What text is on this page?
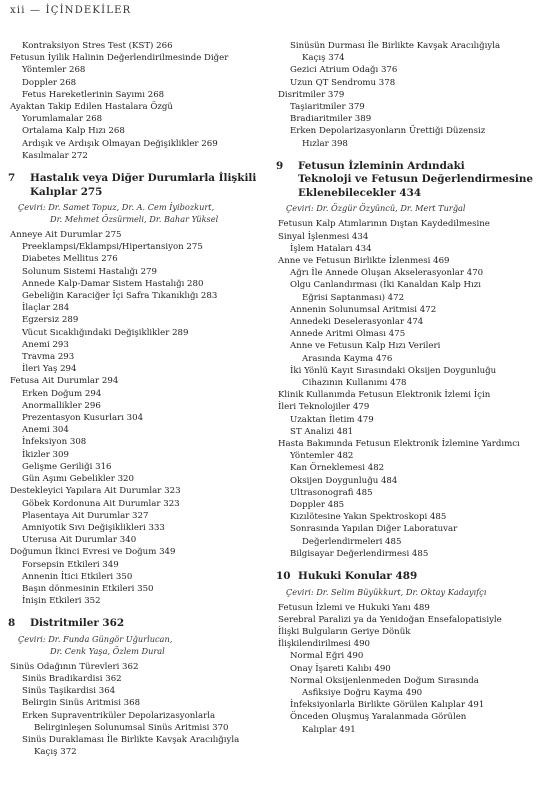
xii — İÇİNDEKİLER
Kontraksiyon Stres Test (KST) 266
Fetusun İyilik Halinin Değerlendirilmesinde Diğer
Yöntemler 268
Doppler 268
Fetus Hareketlerinin Sayımı 268
Ayaktan Takip Edilen Hastalara Özgü
Yorumlamalar 268
Ortalama Kalp Hızı 268
Ardışık ve Ardışık Olmayan Değişiklikler 269
Kasılmalar 272
7	Hastalık veya Diğer Durumlarla İlişkili
Kalıplar 275
Çeviri: Dr. Samet Topuz, Dr. A. Cem İyibozkurt,
Dr. Mehmet Özsürmeli, Dr. Bahar Yüksel
Anneye Ait Durumlar 275
Preeklampsi/Eklampsi/Hipertansiyon 275
Diabetes Mellitus 276
Solunum Sistemi Hastalığı 279
Annede Kalp-Damar Sistem Hastalığı 280
Gebeliğin Karaciğer İçi Safra Tıkanıklığı 283
İlaçlar 284
Egzersiz 289
Vücut Sıcaklığındaki Değişiklikler 289
Anemi 293
Travma 293
İleri Yaş 294
Fetusa Ait Durumlar 294
Erken Doğum 294
Anormallikler 296
Prezentasyon Kusurları 304
Anemi 304
İnfeksiyon 308
İkizler 309
Gelişme Geriliği 316
Gün Aşımı Gebelikler 320
Destekleyici Yapılara Ait Durumlar 323
Göbek Kordonuna Ait Durumlar 323
Plasentaya Ait Durumlar 327
Amniyotik Sıvı Değişiklikleri 333
Uterusa Ait Durumlar 340
Doğumun İkinci Evresi ve Doğum 349
Forsepsin Etkileri 349
Annenin İtici Etkileri 350
Başın dönmesinin Etkileri 350
İnişin Etkileri 352
8	Distritmiler 362
Çeviri: Dr. Funda Güngör Uğurlucan,
Dr. Cenk Yaşa, Özlem Dural
Sinüs Odağının Türevleri 362
Sinüs Bradikardisi 362
Sinüs Taşikardisi 364
Belirgin Sinüs Aritmisi 368
Erken Supraventriküler Depolarizasyonlarla
Belirginleşen Solunumsal Sinüs Aritmisi 370
Sinüs Duraklaması İle Birlikte Kavşak Aracılığıyla
Kaçış 372
Sinüsün Durması İle Birlikte Kavşak Aracılığıyla
Kaçış 374
Gezici Atrium Odağı 376
Uzun QT Sendromu 378
Disritmiler 379
Taşiaritmiler 379
Bradiaritmiler 389
Erken Depolarizasyonların Ürettiği Düzensiz
Hızlar 398
9	Fetusun İzleminin Ardındaki
Teknoloji ve Fetusun Değerlendirmesine
Eklenebilecekler 434
Çeviri: Dr. Özgür Özyüncü, Dr. Mert Turğal
Fetusun Kalp Atımlarının Dıştan Kaydedilmesine
Sinyal İşlenmesi 434
İşlem Hataları 434
Anne ve Fetusun Birlikte İzlenmesi 469
Ağrı İle Annede Oluşan Akselerasyonlar 470
Olgu Canlandırması (İki Kanaldan Kalp Hızı
Eğrisi Saptanması) 472
Annenin Solunumsal Aritmisi 472
Annedeki Deselerasyonlar 474
Annede Aritmi Olması 475
Anne ve Fetusun Kalp Hızı Verileri
Arasında Kayma 476
İki Yönlü Kayıt Sırasındaki Oksijen Doygunluğu
Cihazının Kullanımı 478
Klinik Kullanımda Fetusun Elektronik İzlemi İçin
İleri Teknolojiler 479
Uzaktan İletim 479
ST Analizi 481
Hasta Bakımında Fetusun Elektronik İzlemine Yardımcı
Yöntemler 482
Kan Örneklemesi 482
Oksijen Doygunluğu 484
Ultrasonografi 485
Doppler 485
Kızılötesine Yakın Spektroskopi 485
Sonrasında Yapılan Diğer Laboratuvar
Değerlendirmeleri 485
Bilgisayar Değerlendirmesi 485
10 Hukuki Konular 489
Çeviri: Dr. Selim Büyükkurt, Dr. Oktay Kadayıfçı
Fetusun İzlemi ve Hukuki Yanı 489
Serebral Paralizi ya da Yenidoğan Ensefalopatisiyle
İlişki Bulguların Geriye Dönük
İlişkilendirilmesi 490
Normal Eğri 490
Onay İşareti Kalıbı 490
Normal Oksijenlenmeden Doğum Sırasında
Asfiksiye Doğru Kayma 490
İnfeksiyonlarla Birlikte Görülen Kalıplar 491
Önceden Oluşmuş Yaralanmada Görülen
Kalıplar 491
